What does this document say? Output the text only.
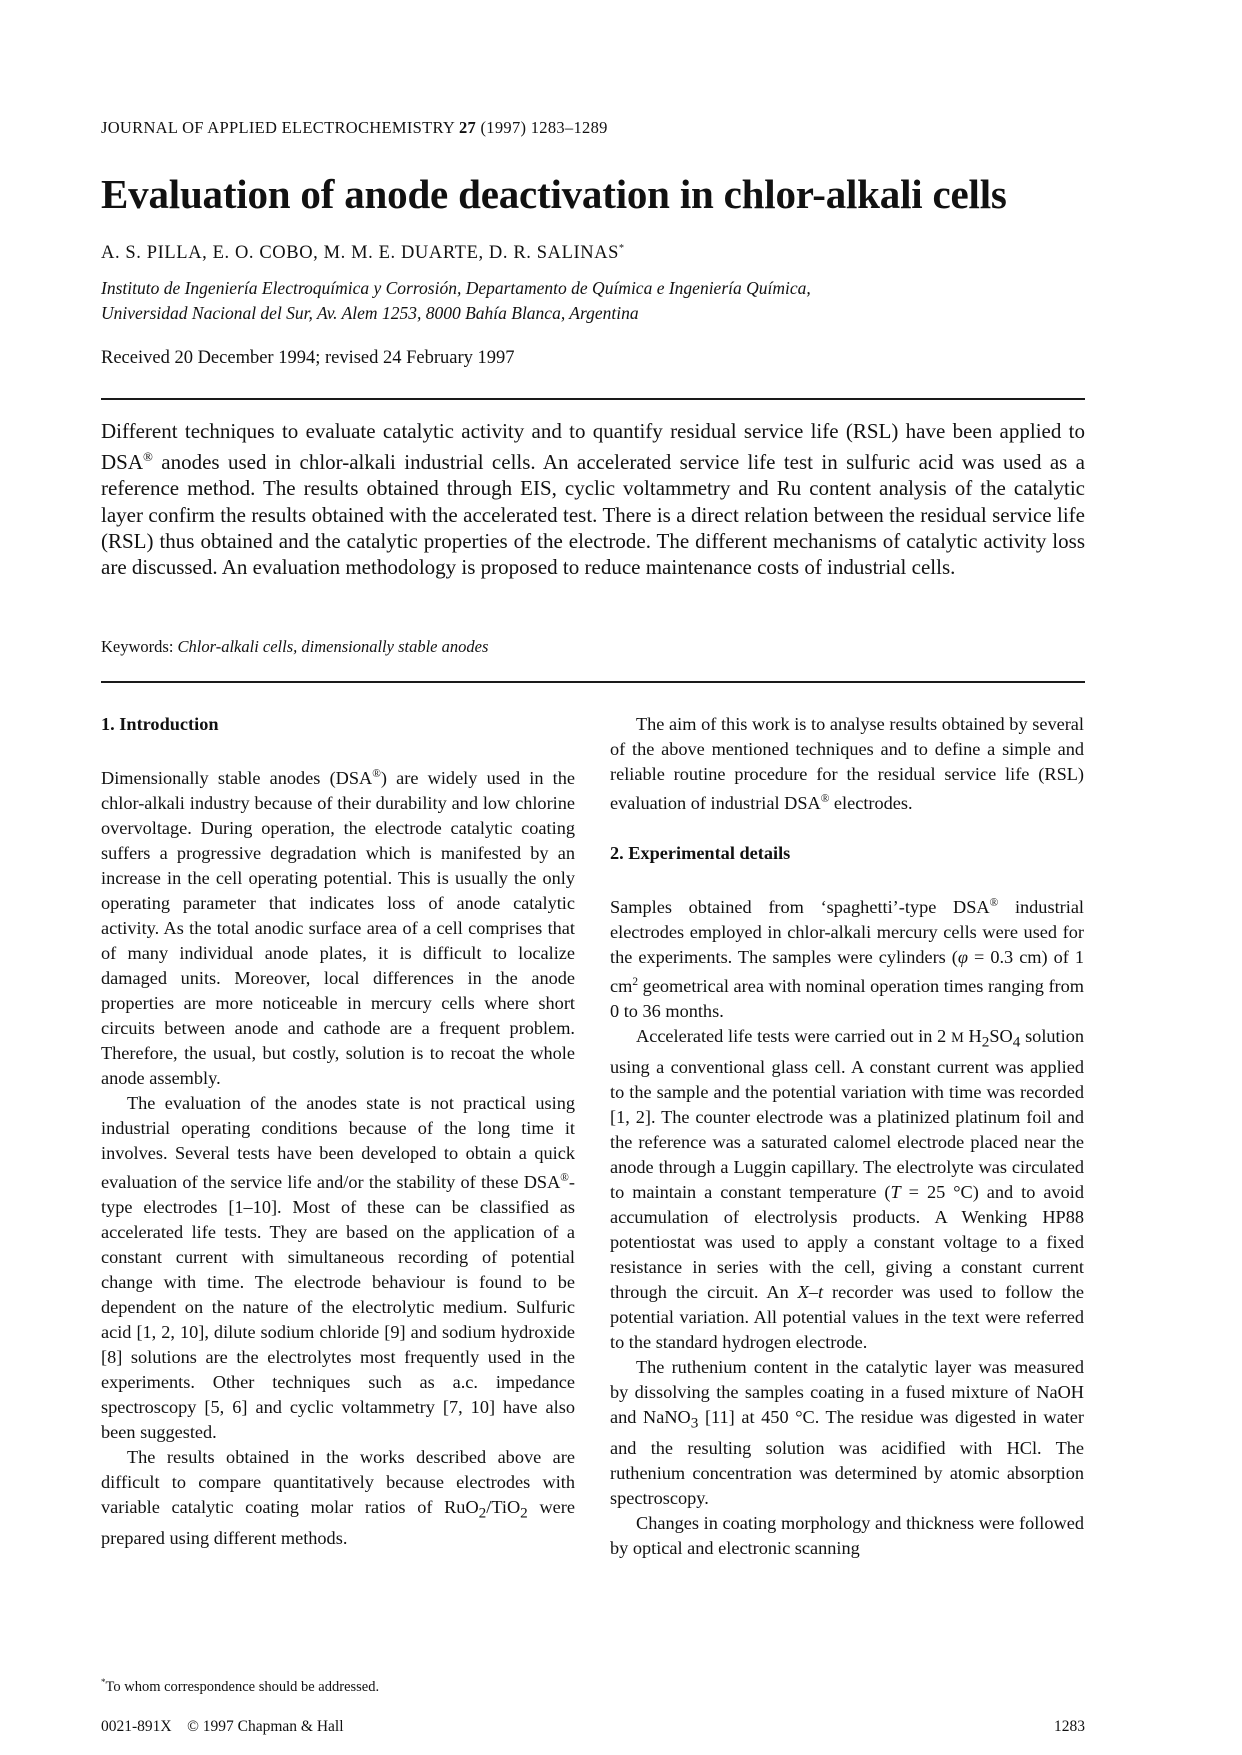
JOURNAL OF APPLIED ELECTROCHEMISTRY 27 (1997) 1283–1289
Evaluation of anode deactivation in chlor-alkali cells
A. S. PILLA, E. O. COBO, M. M. E. DUARTE, D. R. SALINAS*
Instituto de Ingeniería Electroquímica y Corrosión, Departamento de Química e Ingeniería Química,
Universidad Nacional del Sur, Av. Alem 1253, 8000 Bahía Blanca, Argentina
Received 20 December 1994; revised 24 February 1997

Different techniques to evaluate catalytic activity and to quantify residual service life (RSL) have been applied to DSA® anodes used in chlor-alkali industrial cells. An accelerated service life test in sulfuric acid was used as a reference method. The results obtained through EIS, cyclic voltammetry and Ru content analysis of the catalytic layer confirm the results obtained with the accelerated test. There is a direct relation between the residual service life (RSL) thus obtained and the catalytic properties of the electrode. The different mechanisms of catalytic activity loss are discussed. An evaluation methodology is proposed to reduce maintenance costs of industrial cells.

Keywords: Chlor-alkali cells, dimensionally stable anodes
1. Introduction

Dimensionally stable anodes (DSA®) are widely used in the chlor-alkali industry because of their durability and low chlorine overvoltage. During operation, the electrode catalytic coating suffers a progressive degradation which is manifested by an increase in the cell operating potential. This is usually the only operating parameter that indicates loss of anode catalytic activity. As the total anodic surface area of a cell comprises that of many individual anode plates, it is difficult to localize damaged units. Moreover, local differences in the anode properties are more noticeable in mercury cells where short circuits between anode and cathode are a frequent problem. Therefore, the usual, but costly, solution is to recoat the whole anode assembly.

The evaluation of the anodes state is not practical using industrial operating conditions because of the long time it involves. Several tests have been developed to obtain a quick evaluation of the service life and/or the stability of these DSA®-type electrodes [1–10]. Most of these can be classified as accelerated life tests. They are based on the application of a constant current with simultaneous recording of potential change with time. The electrode behaviour is found to be dependent on the nature of the electrolytic medium. Sulfuric acid [1, 2, 10], dilute sodium chloride [9] and sodium hydroxide [8] solutions are the electrolytes most frequently used in the experiments. Other techniques such as a.c. impedance spectroscopy [5, 6] and cyclic voltammetry [7, 10] have also been suggested.

The results obtained in the works described above are difficult to compare quantitatively because electrodes with variable catalytic coating molar ratios of RuO$_2$/TiO$_2$ were prepared using different methods.

The aim of this work is to analyse results obtained by several of the above mentioned techniques and to define a simple and reliable routine procedure for the residual service life (RSL) evaluation of industrial DSA® electrodes.

2. Experimental details

Samples obtained from ‘spaghetti’-type DSA® industrial electrodes employed in chlor-alkali mercury cells were used for the experiments. The samples were cylinders (φ = 0.3 cm) of 1 $cm^2$ geometrical area with nominal operation times ranging from 0 to 36 months.

Accelerated life tests were carried out in 2 M $H_2SO_4$ solution using a conventional glass cell. A constant current was applied to the sample and the potential variation with time was recorded [1, 2]. The counter electrode was a platinized platinum foil and the reference was a saturated calomel electrode placed near the anode through a Luggin capillary. The electrolyte was circulated to maintain a constant temperature (T = 25 °C) and to avoid accumulation of electrolysis products. A Wenking HP88 potentiostat was used to apply a constant voltage to a fixed resistance in series with the cell, giving a constant current through the circuit. An X–t recorder was used to follow the potential variation. All potential values in the text were referred to the standard hydrogen electrode.

The ruthenium content in the catalytic layer was measured by dissolving the samples coating in a fused mixture of NaOH and NaNO$_3$ [11] at 450 °C. The residue was digested in water and the resulting solution was acidified with HCl. The ruthenium concentration was determined by atomic absorption spectroscopy.

Changes in coating morphology and thickness were followed by optical and electronic scanning

*To whom correspondence should be addressed.
0021-891X © 1997 Chapman & Hall	1283
